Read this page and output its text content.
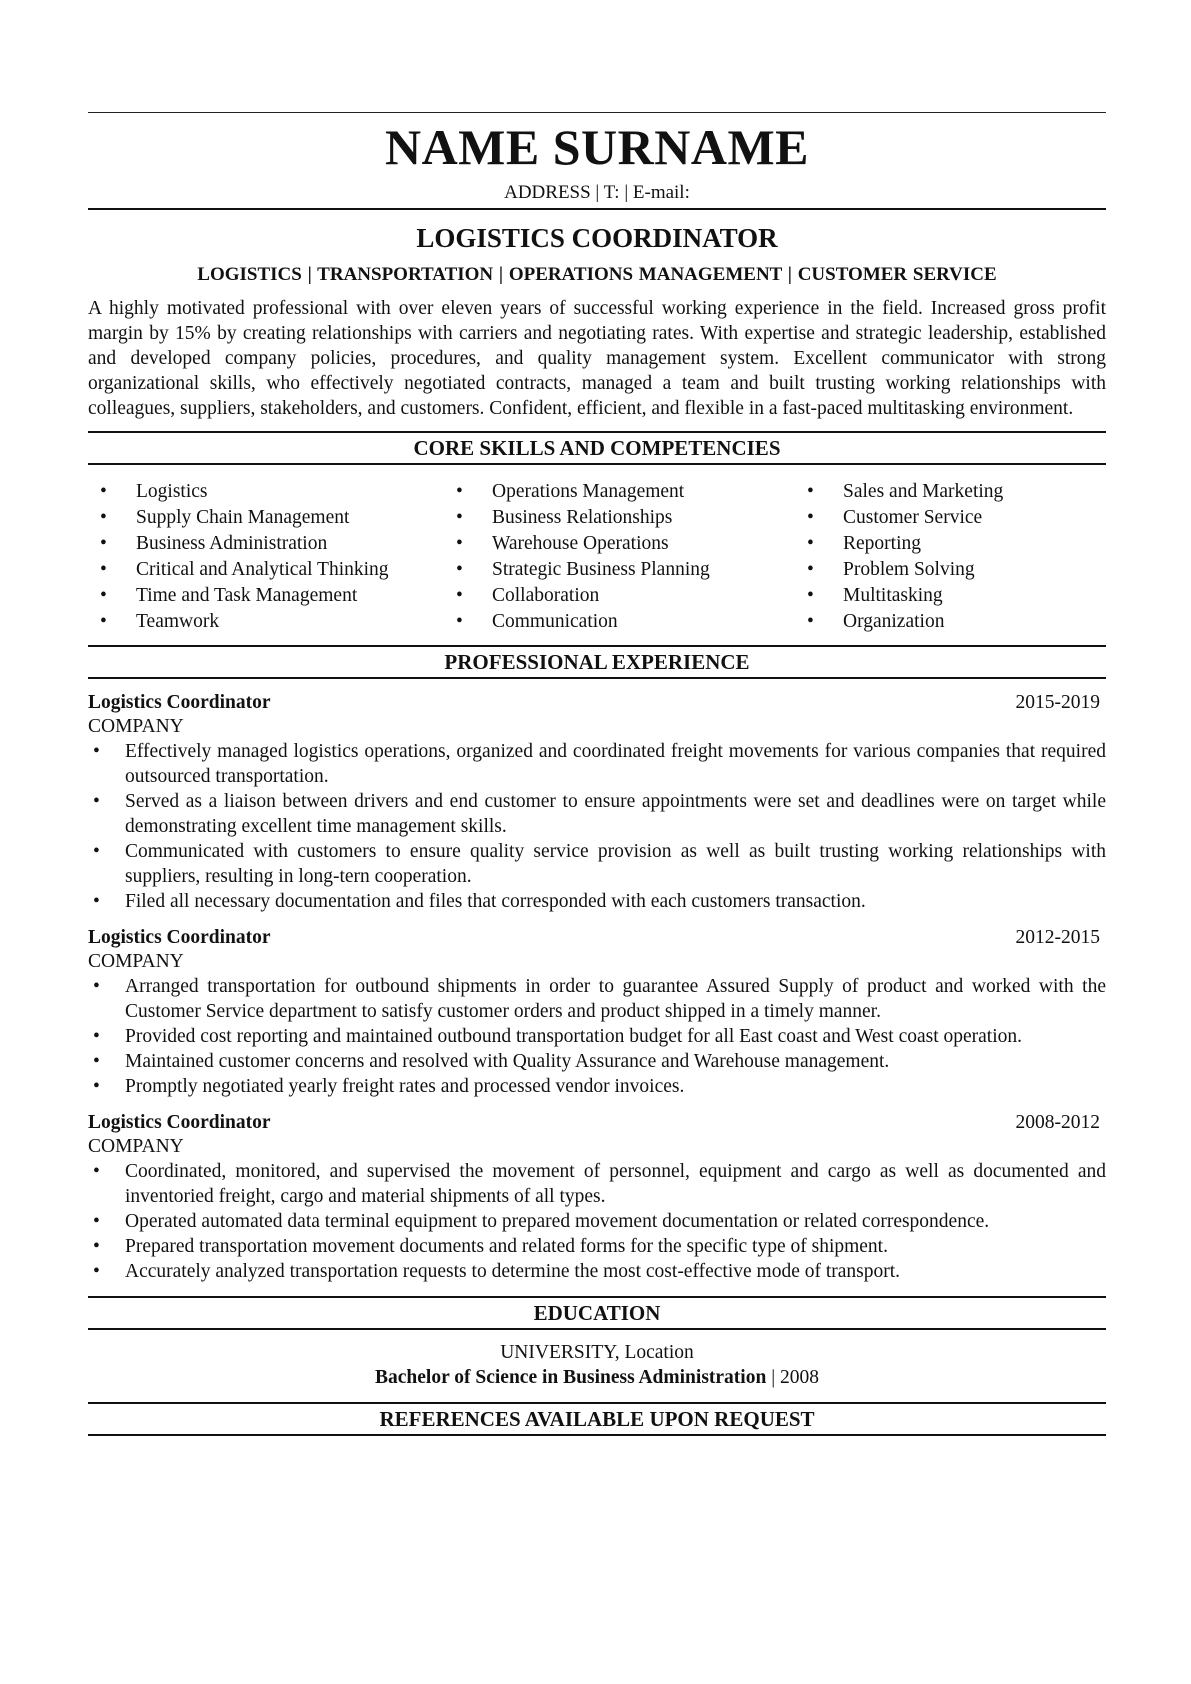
NAME SURNAME
ADDRESS | T: | E-mail:
LOGISTICS COORDINATOR
LOGISTICS | TRANSPORTATION | OPERATIONS MANAGEMENT | CUSTOMER SERVICE
A highly motivated professional with over eleven years of successful working experience in the field. Increased gross profit margin by 15% by creating relationships with carriers and negotiating rates. With expertise and strategic leadership, established and developed company policies, procedures, and quality management system. Excellent communicator with strong organizational skills, who effectively negotiated contracts, managed a team and built trusting working relationships with colleagues, suppliers, stakeholders, and customers. Confident, efficient, and flexible in a fast-paced multitasking environment.
CORE SKILLS AND COMPETENCIES
• Logistics
• Supply Chain Management
• Business Administration
• Critical and Analytical Thinking
• Time and Task Management
• Teamwork
• Operations Management
• Business Relationships
• Warehouse Operations
• Strategic Business Planning
• Collaboration
• Communication
• Sales and Marketing
• Customer Service
• Reporting
• Problem Solving
• Multitasking
• Organization
PROFESSIONAL EXPERIENCE
Logistics Coordinator	2015-2019
COMPANY
• Effectively managed logistics operations, organized and coordinated freight movements for various companies that required outsourced transportation.
• Served as a liaison between drivers and end customer to ensure appointments were set and deadlines were on target while demonstrating excellent time management skills.
• Communicated with customers to ensure quality service provision as well as built trusting working relationships with suppliers, resulting in long-tern cooperation.
• Filed all necessary documentation and files that corresponded with each customers transaction.
Logistics Coordinator	2012-2015
COMPANY
• Arranged transportation for outbound shipments in order to guarantee Assured Supply of product and worked with the Customer Service department to satisfy customer orders and product shipped in a timely manner.
• Provided cost reporting and maintained outbound transportation budget for all East coast and West coast operation.
• Maintained customer concerns and resolved with Quality Assurance and Warehouse management.
• Promptly negotiated yearly freight rates and processed vendor invoices.
Logistics Coordinator	2008-2012
COMPANY
• Coordinated, monitored, and supervised the movement of personnel, equipment and cargo as well as documented and inventoried freight, cargo and material shipments of all types.
• Operated automated data terminal equipment to prepared movement documentation or related correspondence.
• Prepared transportation movement documents and related forms for the specific type of shipment.
• Accurately analyzed transportation requests to determine the most cost-effective mode of transport.
EDUCATION
UNIVERSITY, Location
Bachelor of Science in Business Administration | 2008
REFERENCES AVAILABLE UPON REQUEST
